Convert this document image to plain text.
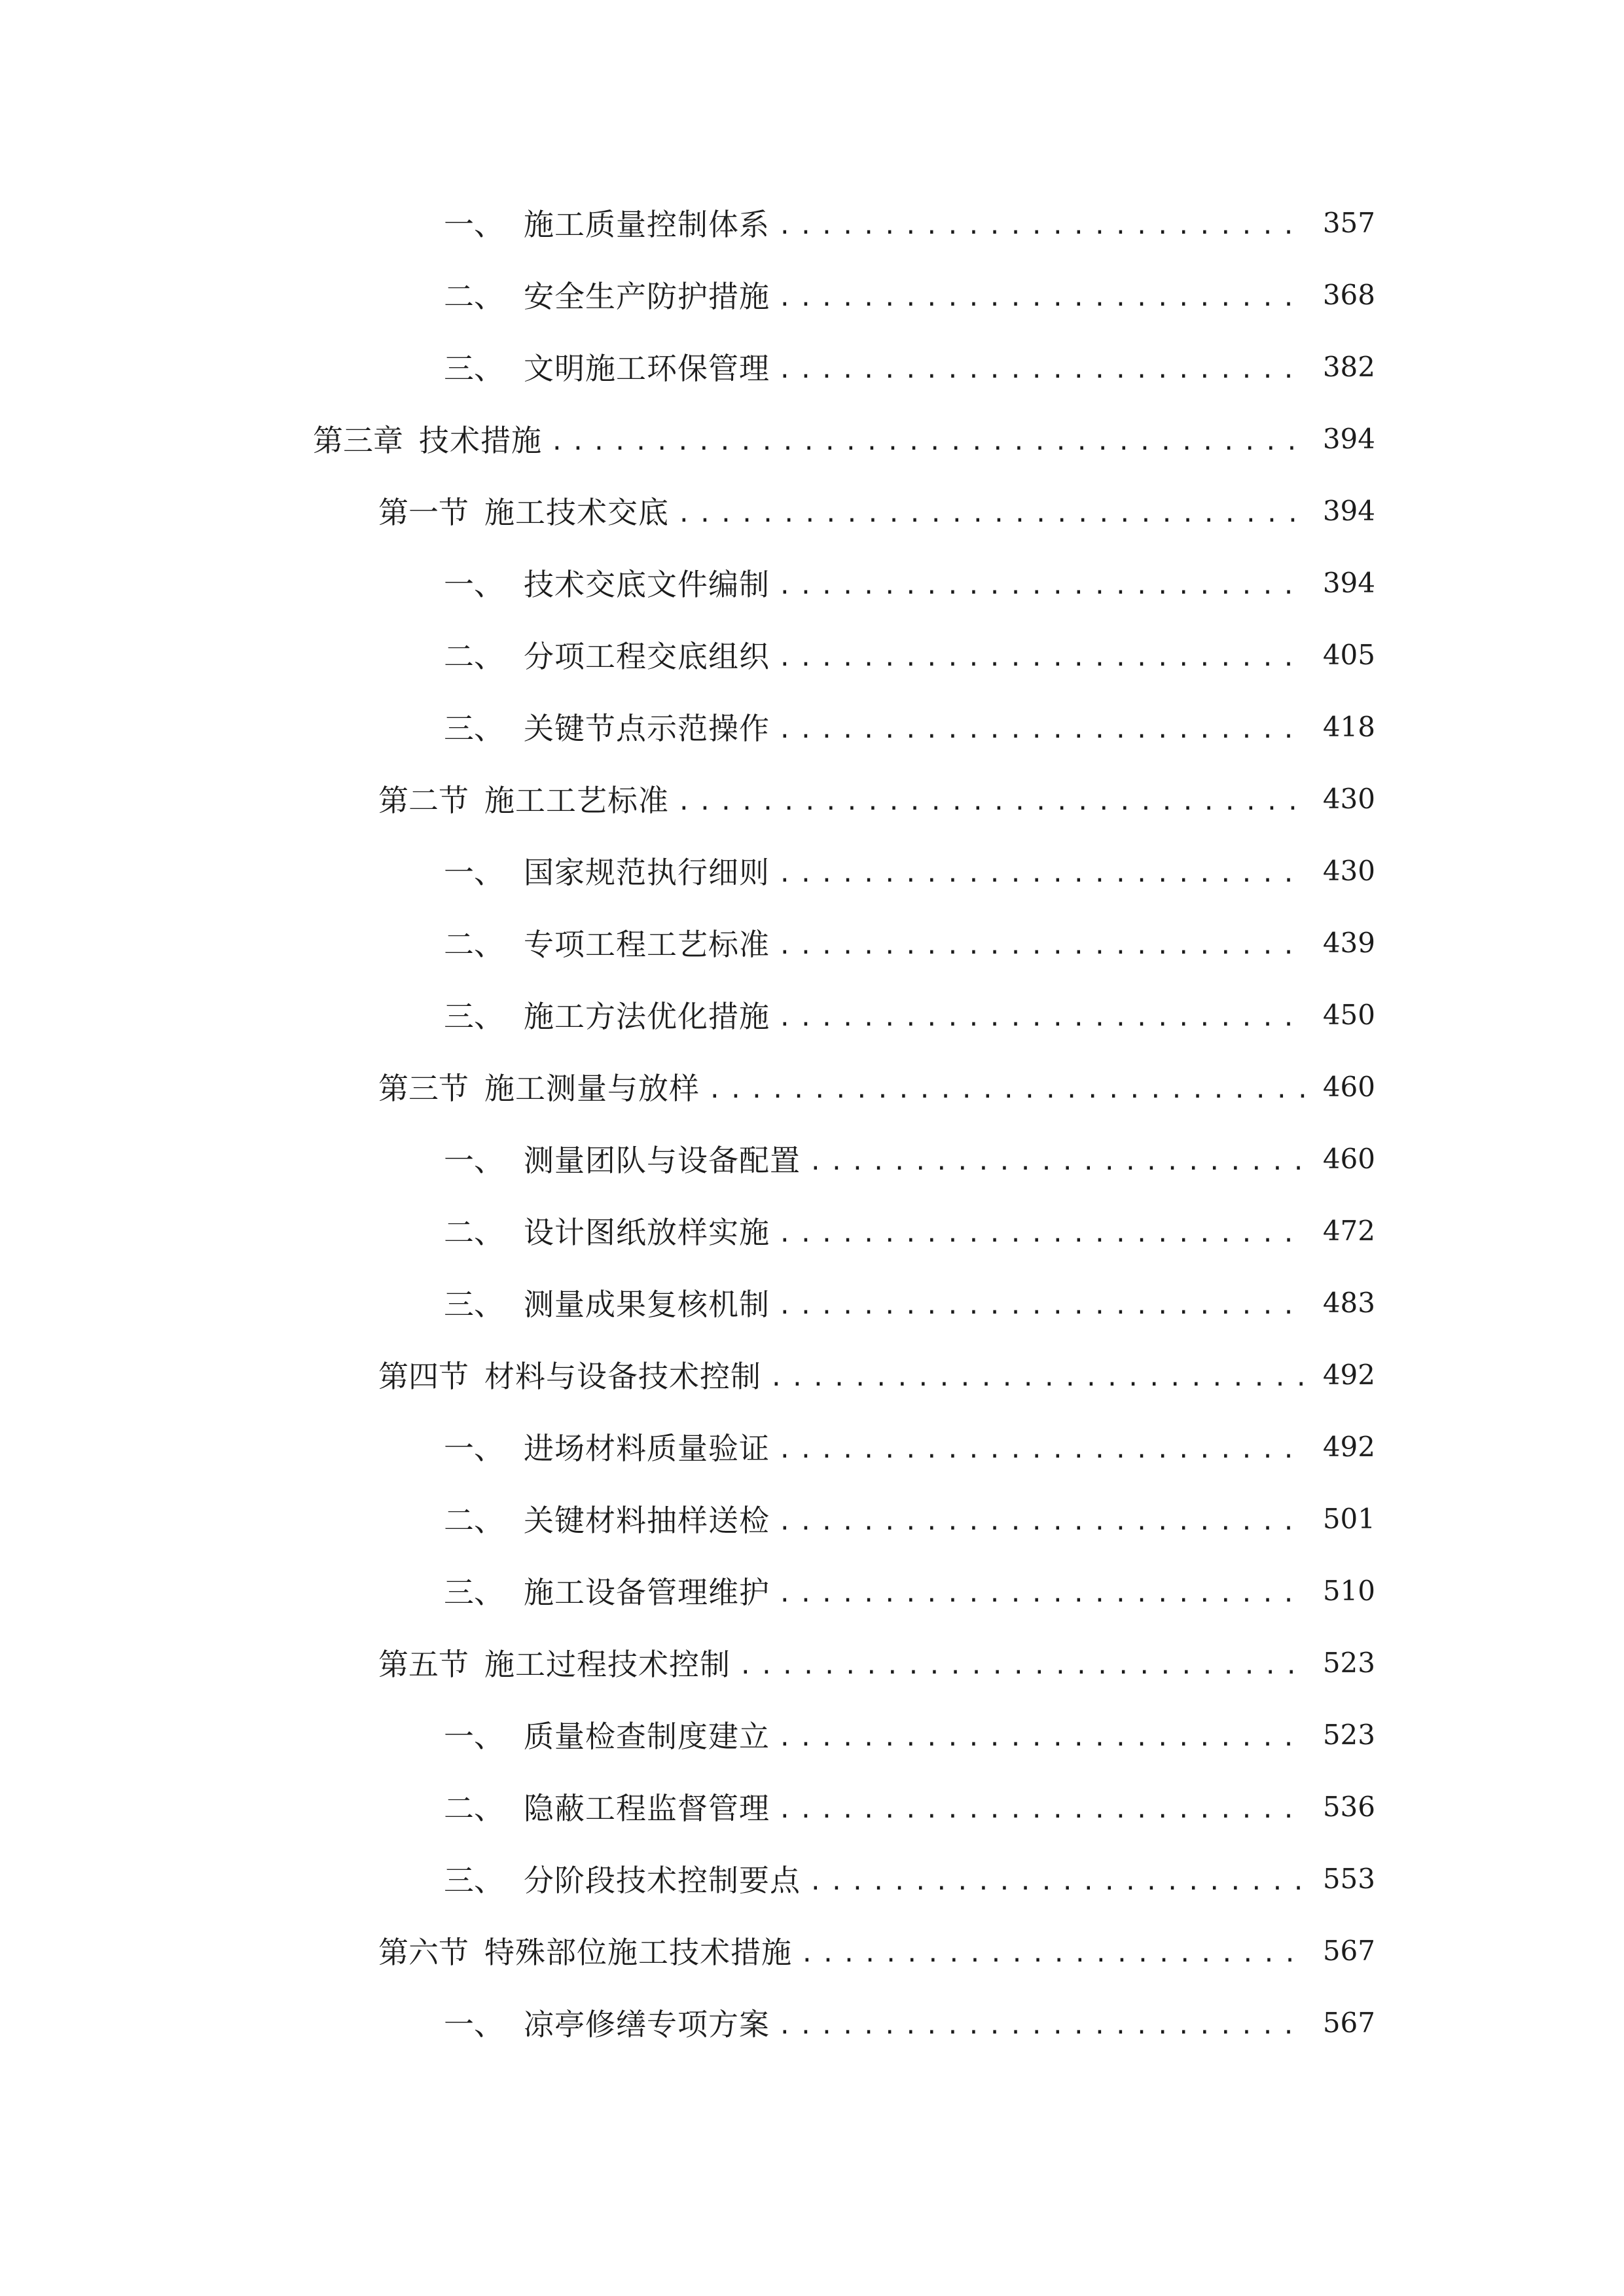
一、 施工质量控制体系 .....	357
二、 安全生产防护措施 .....	368
三、 文明施工环保管理 .....	382
第三章 技术措施 .....	394
第一节 施工技术交底 .....	394
一、 技术交底文件编制 .....	394
二、 分项工程交底组织 .....	405
三、 关键节点示范操作 .....	418
第二节 施工工艺标准 .....	430
一、 国家规范执行细则 .....	430
二、 专项工程工艺标准 .....	439
三、 施工方法优化措施 .....	450
第三节 施工测量与放样 .....	460
一、 测量团队与设备配置 .....	460
二、 设计图纸放样实施 .....	472
三、 测量成果复核机制 .....	483
第四节 材料与设备技术控制 .....	492
一、 进场材料质量验证 .....	492
二、 关键材料抽样送检 .....	501
三、 施工设备管理维护 .....	510
第五节 施工过程技术控制 .....	523
一、 质量检查制度建立 .....	523
二、 隐蔽工程监督管理 .....	536
三、 分阶段技术控制要点 .....	553
第六节 特殊部位施工技术措施 .....	567
一、 凉亭修缮专项方案 .....	567
